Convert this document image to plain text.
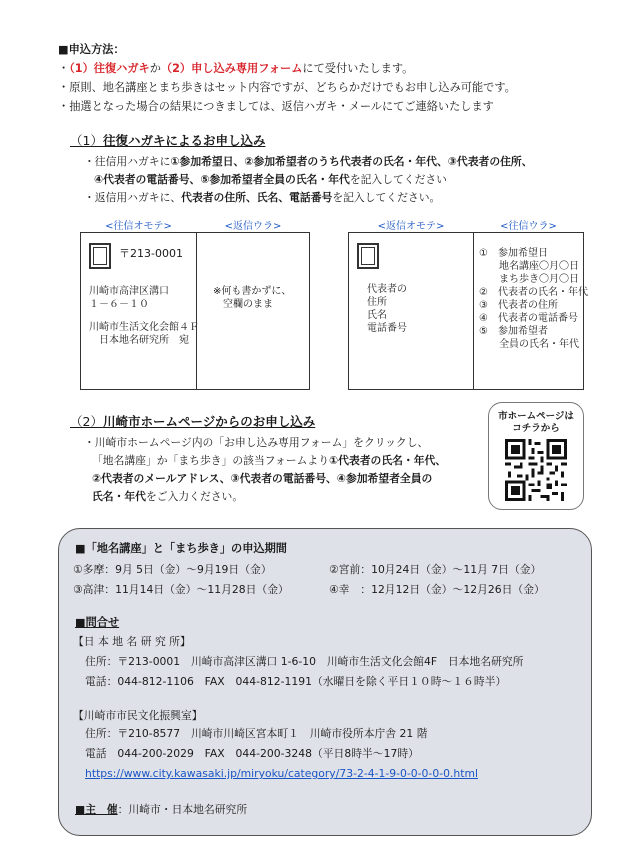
■申込方法：
・（1）往復ハガキか（2）申し込み専用フォームにて受付いたします。
・原則、地名講座とまち歩きはセット内容ですが、どちらかだけでもお申し込み可能です。
・抽選となった場合の結果につきましては、返信ハガキ・メールにてご連絡いたします
（1）往復ハガキによるお申し込み
・往信用ハガキに①参加希望日、②参加希望者のうち代表者の氏名・年代、③代表者の住所、
④代表者の電話番号、⑤参加希望者全員の氏名・年代を記入してください
・返信用ハガキに、代表者の住所、氏名、電話番号を記入してください。
<往信オモテ>
〒213-0001
川崎市高津区溝口
１－６－１０
川崎市生活文化会館４Ｆ
日本地名研究所　宛
<返信ウラ>
※何も書かずに、
空欄のまま
<返信オモテ>
代表者の
住所
氏名
電話番号
<往信ウラ>
①　参加希望日
　　地名講座〇月〇日
　　まち歩き〇月〇日
②　代表者の氏名・年代
③　代表者の住所
④　代表者の電話番号
⑤　参加希望者
　　全員の氏名・年代
（2）川崎市ホームページからのお申し込み
・川崎市ホームページ内の「お申し込み専用フォーム」をクリックし、
「地名講座」か「まち歩き」の該当フォームより①代表者の氏名・年代、
②代表者のメールアドレス、③代表者の電話番号、④参加希望者全員の
氏名・年代をご入力ください。
市ホームページは
コチラから
■「地名講座」と「まち歩き」の申込期間
①多摩：9月 5日（金）～9月19日（金）	②宮前：10月24日（金）～11月 7日（金）
③高津：11月14日（金）～11月28日（金）	④幸　：12月12日（金）～12月26日（金）
■問合せ
【日 本 地 名 研 究 所】
住所：〒213-0001　川崎市高津区溝口 1-6-10　川崎市生活文化会館4F　日本地名研究所
電話：044-812-1106　FAX　044-812-1191（水曜日を除く平日１０時～１６時半）
【川崎市市民文化振興室】
住所：〒210-8577　川崎市川崎区宮本町１　川崎市役所本庁舎 21 階
電話　044-200-2029　FAX　044-200-3248（平日8時半～17時）
https://www.city.kawasaki.jp/miryoku/category/73-2-4-1-9-0-0-0-0-0.html
■主　催：川崎市・日本地名研究所
